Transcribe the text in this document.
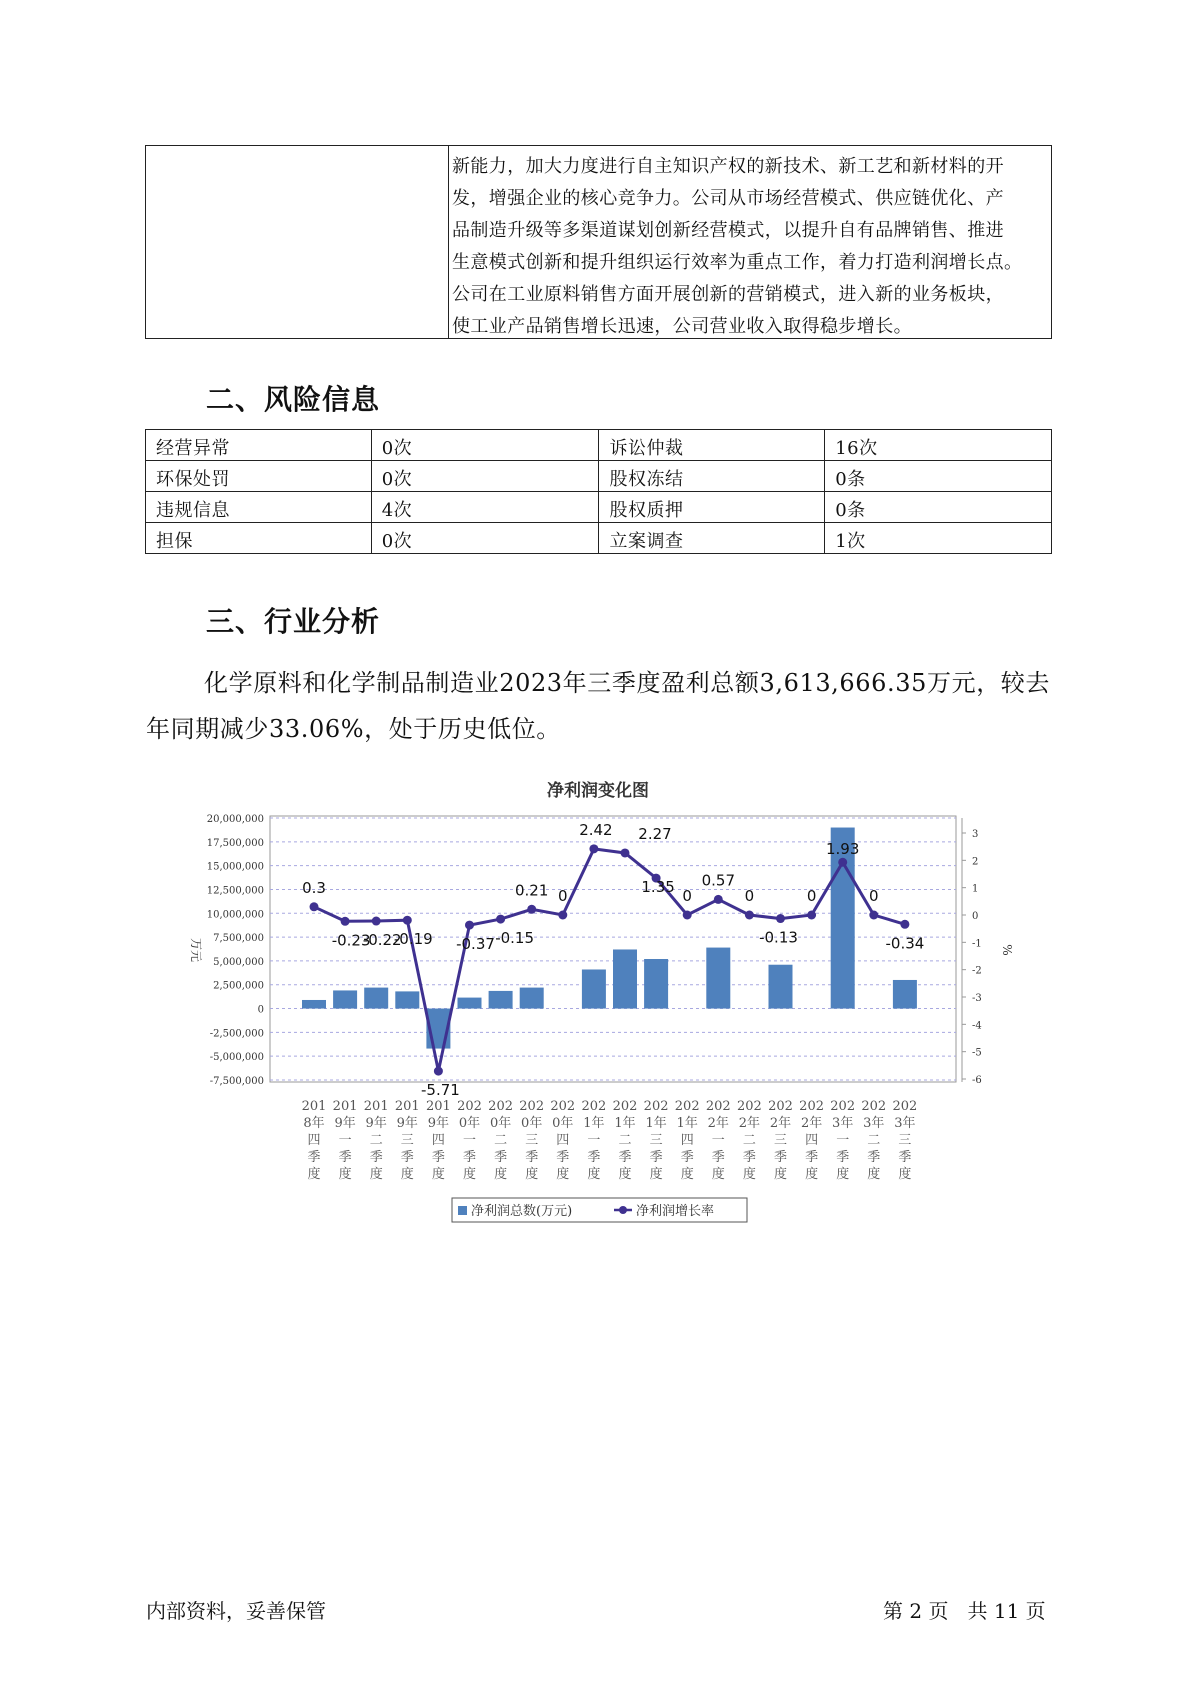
新能力，加大力度进行自主知识产权的新技术、新工艺和新材料的开
发，增强企业的核心竞争力。公司从市场经营模式、供应链优化、产
品制造升级等多渠道谋划创新经营模式，以提升自有品牌销售、推进
生意模式创新和提升组织运行效率为重点工作，着力打造利润增长点。
公司在工业原料销售方面开展创新的营销模式，进入新的业务板块，
使工业产品销售增长迅速，公司营业收入取得稳步增长。
二、风险信息
经营异常	0次	诉讼仲裁	16次
环保处罚	0次	股权冻结	0条
违规信息	4次	股权质押	0条
担保	0次	立案调查	1次
三、行业分析
化学原料和化学制品制造业2023年三季度盈利总额3,613,666.35万元，较去年同期减少33.06%，处于历史低位。
净利润变化图
20,000,000
17,500,000
15,000,000
12,500,000
10,000,000
7,500,000
5,000,000
2,500,000
0
-2,500,000
-5,000,000
-7,500,000
万元
3
2
1
0
-1
-2
-3
-4
-5
-6
%
0.3
-0.23
-0.22
-0.19
-5.71
-0.37 -0.15
0.21 0
2.42 2.27
1.35 0
0.57
0
-0.13
0
1.93
0
-0.34
201
8年
四
季
度
201
9年
一
季
度
201
9年
二
季
度
201
9年
三
季
度
201
9年
四
季
度
202
0年
一
季
度
202
0年
二
季
度
202
0年
三
季
度
202
0年
四
季
度
202
1年
一
季
度
202
1年
二
季
度
202
1年
三
季
度
202
1年
四
季
度
202
2年
一
季
度
202
2年
二
季
度
202
2年
三
季
度
202
2年
四
季
度
202
3年
一
季
度
202
3年
二
季
度
202
3年
三
季
度
净利润总数(万元)	净利润增长率
内部资料，妥善保管	第 2 页   共 11 页
